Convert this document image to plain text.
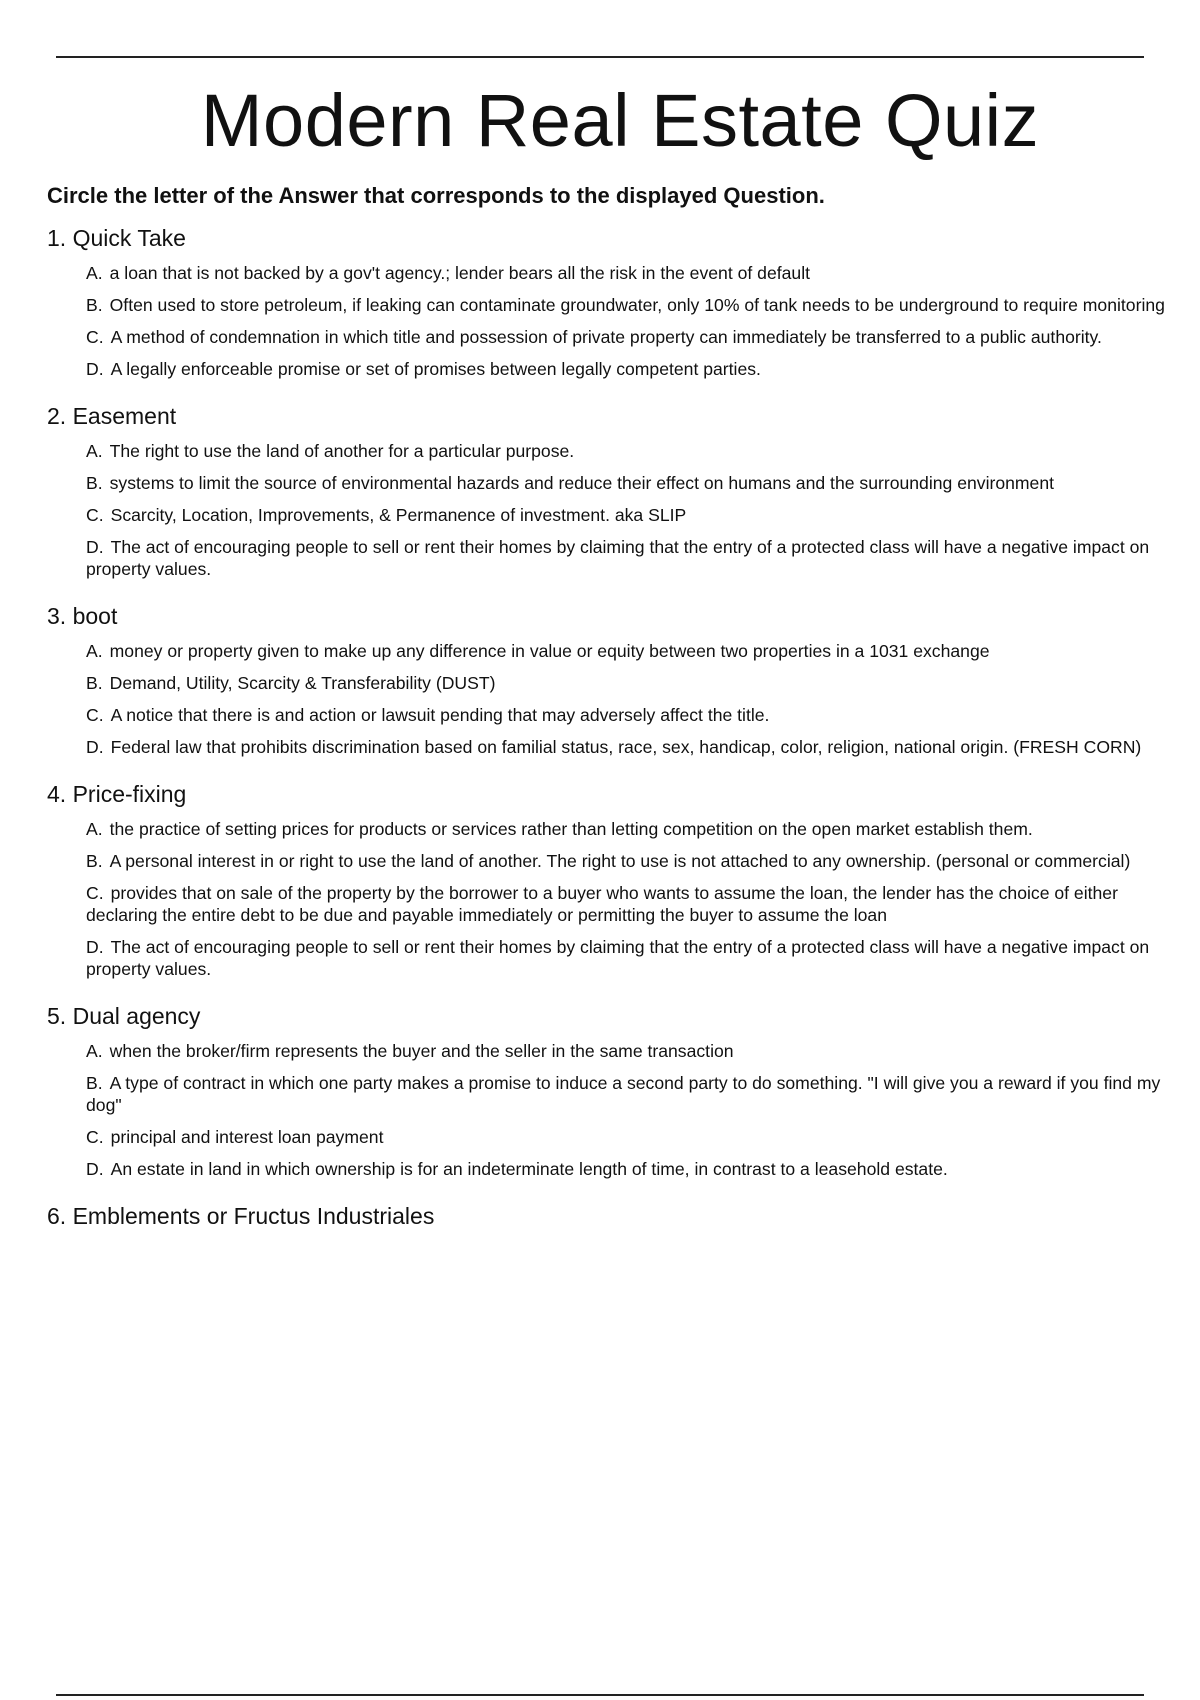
Modern Real Estate Quiz
Circle the letter of the Answer that corresponds to the displayed Question.
1. Quick Take
A. a loan that is not backed by a gov't agency.; lender bears all the risk in the event of default
B. Often used to store petroleum, if leaking can contaminate groundwater, only 10% of tank needs to be underground to require monitoring
C. A method of condemnation in which title and possession of private property can immediately be transferred to a public authority.
D. A legally enforceable promise or set of promises between legally competent parties.
2. Easement
A. The right to use the land of another for a particular purpose.
B. systems to limit the source of environmental hazards and reduce their effect on humans and the surrounding environment
C. Scarcity, Location, Improvements, & Permanence of investment. aka SLIP
D. The act of encouraging people to sell or rent their homes by claiming that the entry of a protected class will have a negative impact on property values.
3. boot
A. money or property given to make up any difference in value or equity between two properties in a 1031 exchange
B. Demand, Utility, Scarcity & Transferability (DUST)
C. A notice that there is and action or lawsuit pending that may adversely affect the title.
D. Federal law that prohibits discrimination based on familial status, race, sex, handicap, color, religion, national origin. (FRESH CORN)
4. Price-fixing
A. the practice of setting prices for products or services rather than letting competition on the open market establish them.
B. A personal interest in or right to use the land of another. The right to use is not attached to any ownership. (personal or commercial)
C. provides that on sale of the property by the borrower to a buyer who wants to assume the loan, the lender has the choice of either declaring the entire debt to be due and payable immediately or permitting the buyer to assume the loan
D. The act of encouraging people to sell or rent their homes by claiming that the entry of a protected class will have a negative impact on property values.
5. Dual agency
A. when the broker/firm represents the buyer and the seller in the same transaction
B. A type of contract in which one party makes a promise to induce a second party to do something. "I will give you a reward if you find my dog"
C. principal and interest loan payment
D. An estate in land in which ownership is for an indeterminate length of time, in contrast to a leasehold estate.
6. Emblements or Fructus Industriales
